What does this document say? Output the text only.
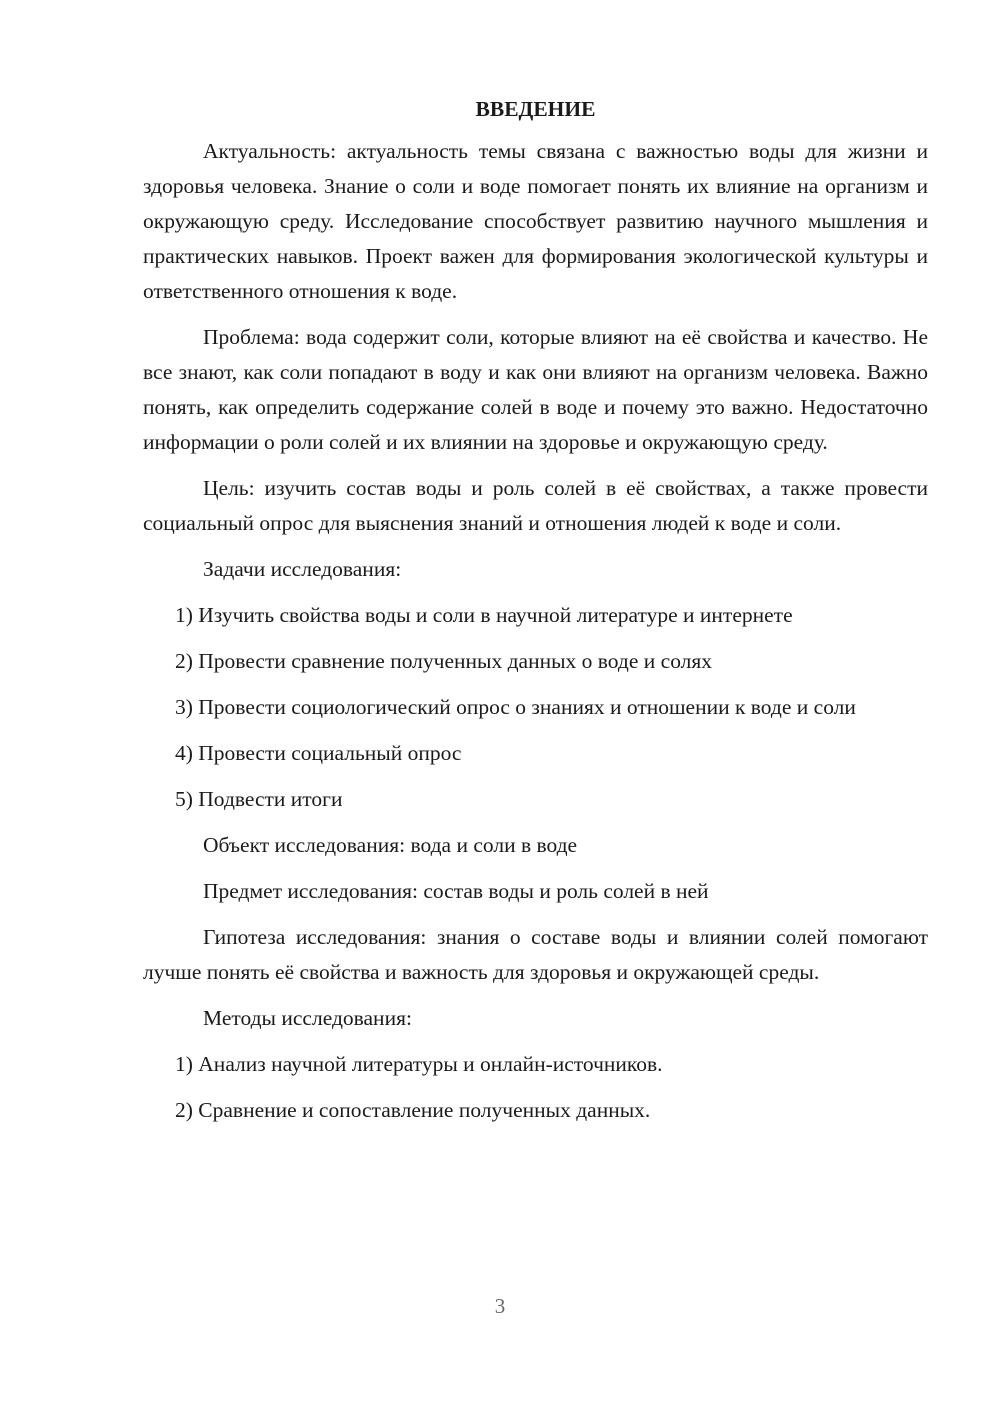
ВВЕДЕНИЕ

Актуальность: актуальность темы связана с важностью воды для жизни и здоровья человека. Знание о соли и воде помогает понять их влияние на организм и окружающую среду. Исследование способствует развитию научного мышления и практических навыков. Проект важен для формирования экологической культуры и ответственного отношения к воде.

Проблема: вода содержит соли, которые влияют на её свойства и качество. Не все знают, как соли попадают в воду и как они влияют на организм человека. Важно понять, как определить содержание солей в воде и почему это важно. Недостаточно информации о роли солей и их влиянии на здоровье и окружающую среду.

Цель: изучить состав воды и роль солей в её свойствах, а также провести социальный опрос для выяснения знаний и отношения людей к воде и соли.

Задачи исследования:

1) Изучить свойства воды и соли в научной литературе и интернете

2) Провести сравнение полученных данных о воде и солях

3) Провести социологический опрос о знаниях и отношении к воде и соли

4) Провести социальный опрос

5) Подвести итоги

Объект исследования: вода и соли в воде

Предмет исследования: состав воды и роль солей в ней

Гипотеза исследования: знания о составе воды и влиянии солей помогают лучше понять её свойства и важность для здоровья и окружающей среды.

Методы исследования:

1) Анализ научной литературы и онлайн-источников.

2) Сравнение и сопоставление полученных данных.

3
